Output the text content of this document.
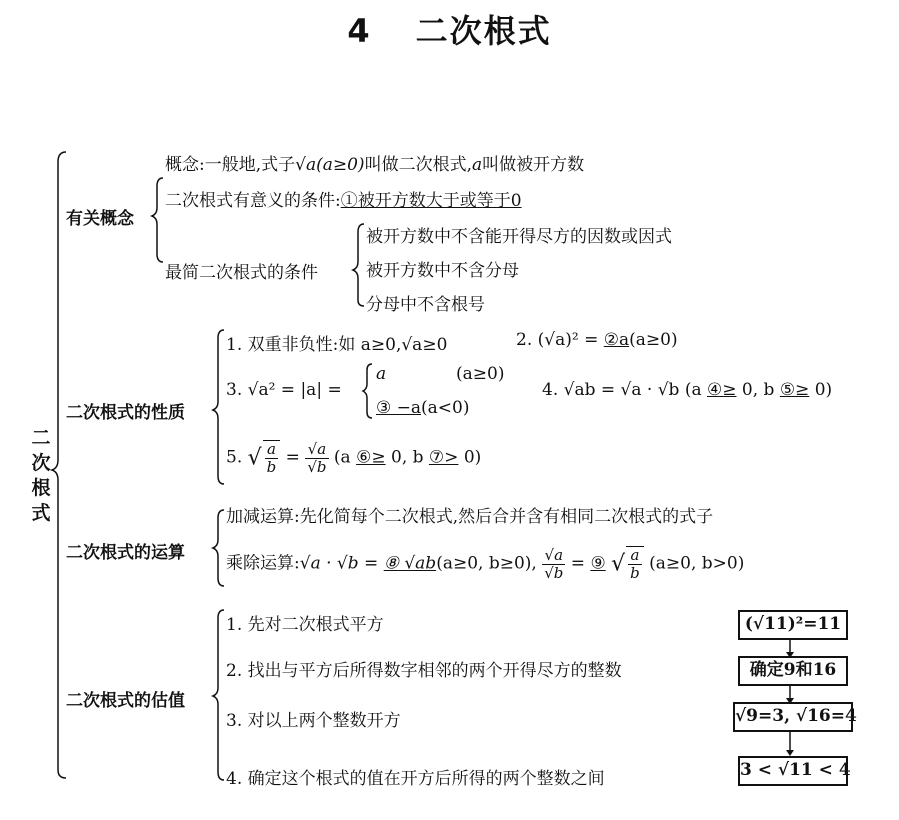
4 二次根式
二次根式
有关概念
概念:一般地,式子√a(a≥0)叫做二次根式,a叫做被开方数
二次根式有意义的条件:①被开方数大于或等于0
最简二次根式的条件
被开方数中不含能开得尽方的因数或因式
被开方数中不含分母
分母中不含根号
二次根式的性质
1. 双重非负性:如 a≥0,√a≥0	2. (√a)² = ②a(a≥0)
3. √a² = |a| =
a	(a≥0)
③ −a(a<0)
4. √ab = √a · √b (a ④≥ 0, b ⑤≥ 0)
5. √ $\frac{a}{b} = \frac{√a}{√b} (a$ ⑥≥ 0, b ⑦> 0)
二次根式的运算
加减运算:先化简每个二次根式,然后合并含有相同二次根式的式子
乘除运算:√a · √b = ⑧ √ab(a≥0, b≥0), $\frac{√a}{√b}$ = ⑨ √ $\frac{a}{b} (a\ge 0$, b>0)
二次根式的估值
1. 先对二次根式平方
2. 找出与平方后所得数字相邻的两个开得尽方的整数
3. 对以上两个整数开方
4. 确定这个根式的值在开方后所得的两个整数之间
(√11)²=11
确定9和16
√9=3, √16=4
3 < √11 < 4
